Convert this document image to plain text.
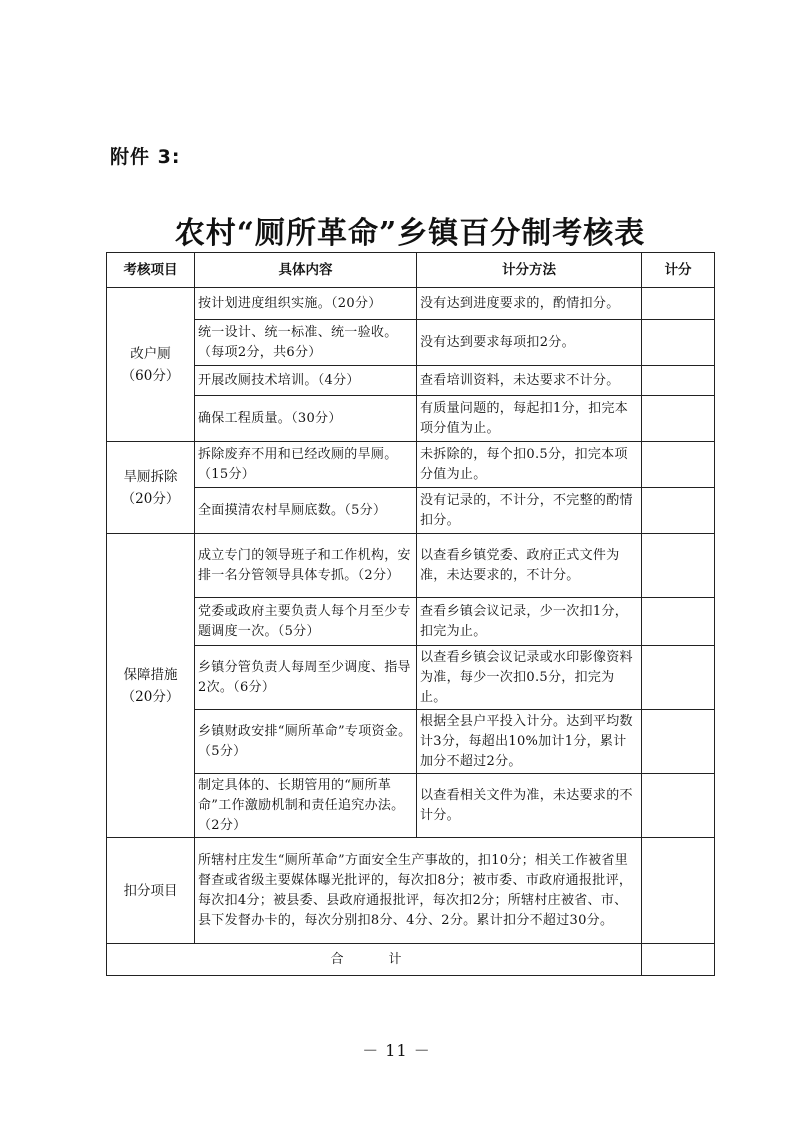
附件 3:
农村“厕所革命”乡镇百分制考核表
考核项目	具体内容	计分方法	计分
改户厕
（60分）	按计划进度组织实施。（20分）	没有达到进度要求的，酌情扣分。	
	统一设计、统一标准、统一验收。（每项2分，共6分）	没有达到要求每项扣2分。	
	开展改厕技术培训。（4分）	查看培训资料，未达要求不计分。	
	确保工程质量。（30分）	有质量问题的，每起扣1分，扣完本项分值为止。	
旱厕拆除
（20分）	拆除废弃不用和已经改厕的旱厕。（15分）	未拆除的，每个扣0.5分，扣完本项分值为止。	
	全面摸清农村旱厕底数。（5分）	没有记录的，不计分，不完整的酌情扣分。	
保障措施
（20分）	成立专门的领导班子和工作机构，安排一名分管领导具体专抓。（2分）	以查看乡镇党委、政府正式文件为准，未达要求的，不计分。	
	党委或政府主要负责人每个月至少专题调度一次。（5分）	查看乡镇会议记录，少一次扣1分，扣完为止。	
	乡镇分管负责人每周至少调度、指导2次。（6分）	以查看乡镇会议记录或水印影像资料为准，每少一次扣0.5分，扣完为止。	
	乡镇财政安排“厕所革命”专项资金。（5分）	根据全县户平投入计分。达到平均数计3分，每超出10%加计1分，累计加分不超过2分。	
	制定具体的、长期管用的“厕所革命”工作激励机制和责任追究办法。（2分）	以查看相关文件为准，未达要求的不计分。	
扣分项目	所辖村庄发生“厕所革命”方面安全生产事故的，扣10分；相关工作被省里督查或省级主要媒体曝光批评的，每次扣8分；被市委、市政府通报批评，每次扣4分；被县委、县政府通报批评，每次扣2分；所辖村庄被省、市、县下发督办卡的，每次分别扣8分、4分、2分。累计扣分不超过30分。		
合　计			
－ 11 －
